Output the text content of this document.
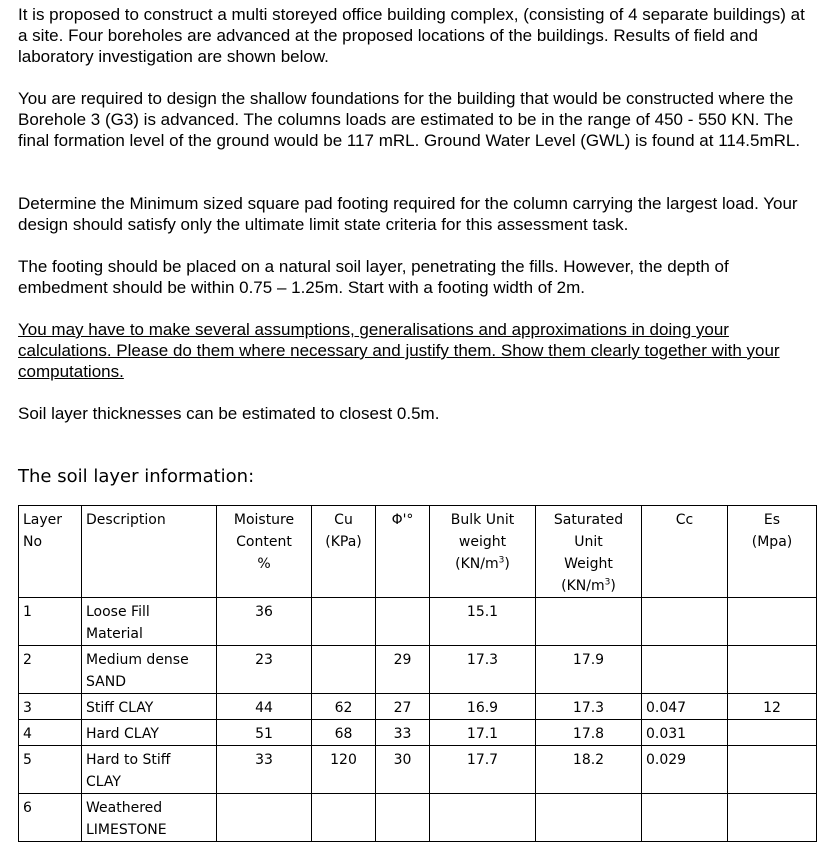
It is proposed to construct a multi storeyed office building complex, (consisting of 4 separate buildings) at a site. Four boreholes are advanced at the proposed locations of the buildings. Results of field and laboratory investigation are shown below.

You are required to design the shallow foundations for the building that would be constructed where the Borehole 3 (G3) is advanced. The columns loads are estimated to be in the range of 450 - 550 KN. The final formation level of the ground would be 117 mRL. Ground Water Level (GWL) is found at 114.5mRL.

Determine the Minimum sized square pad footing required for the column carrying the largest load. Your design should satisfy only the ultimate limit state criteria for this assessment task.

The footing should be placed on a natural soil layer, penetrating the fills. However, the depth of embedment should be within 0.75 – 1.25m. Start with a footing width of 2m.

You may have to make several assumptions, generalisations and approximations in doing your calculations. Please do them where necessary and justify them. Show them clearly together with your computations.

Soil layer thicknesses can be estimated to closest 0.5m.

The soil layer information:
Layer
No	Description	Moisture
Content
%	Cu
(KPa)	Φ'°	Bulk Unit
weight
$(KN/m^3)$	Saturated
Unit
Weight
$(KN/m^3)$	Cc	Es
(Mpa)
1	Loose Fill
Material	36			15.1			
2	Medium dense
SAND	23		29	17.3	17.9		
3	Stiff CLAY	44	62	27	16.9	17.3	0.047	12
4	Hard CLAY	51	68	33	17.1	17.8	0.031	
5	Hard to Stiff
CLAY	33	120	30	17.7	18.2	0.029	
6	Weathered
LIMESTONE							
